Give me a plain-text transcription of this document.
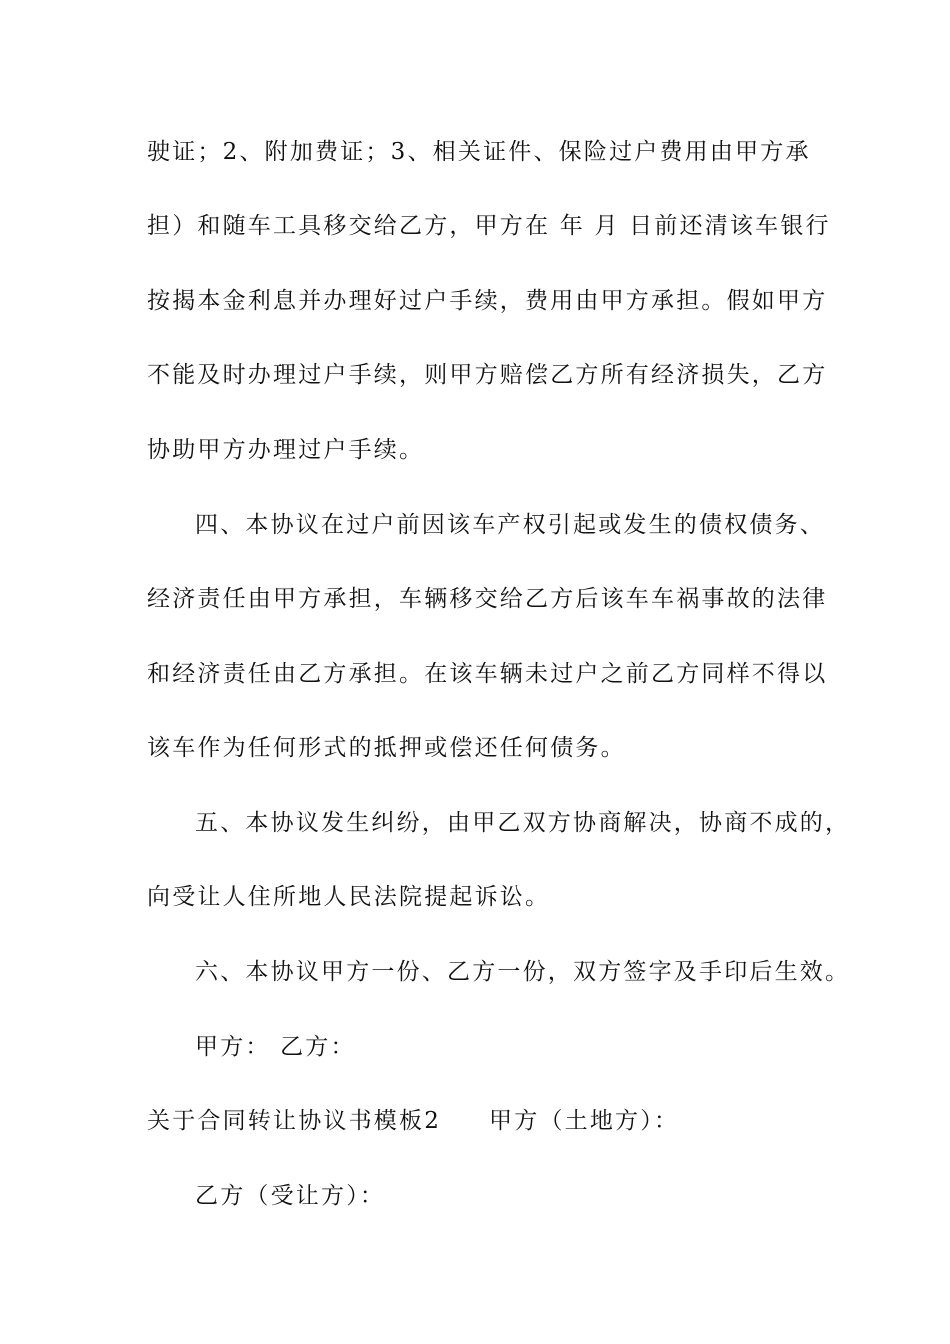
驶证；2、附加费证；3、相关证件、保险过户费用由甲方承
担）和随车工具移交给乙方，甲方在 年 月 日前还清该车银行
按揭本金利息并办理好过户手续，费用由甲方承担。假如甲方
不能及时办理过户手续，则甲方赔偿乙方所有经济损失，乙方
协助甲方办理过户手续。
四、本协议在过户前因该车产权引起或发生的债权债务、
经济责任由甲方承担，车辆移交给乙方后该车车祸事故的法律
和经济责任由乙方承担。在该车辆未过户之前乙方同样不得以
该车作为任何形式的抵押或偿还任何债务。
五、本协议发生纠纷，由甲乙双方协商解决，协商不成的，
向受让人住所地人民法院提起诉讼。
六、本协议甲方一份、乙方一份，双方签字及手印后生效。
甲方： 乙方：
关于合同转让协议书模板2 甲方（土地方）：
乙方（受让方）：
